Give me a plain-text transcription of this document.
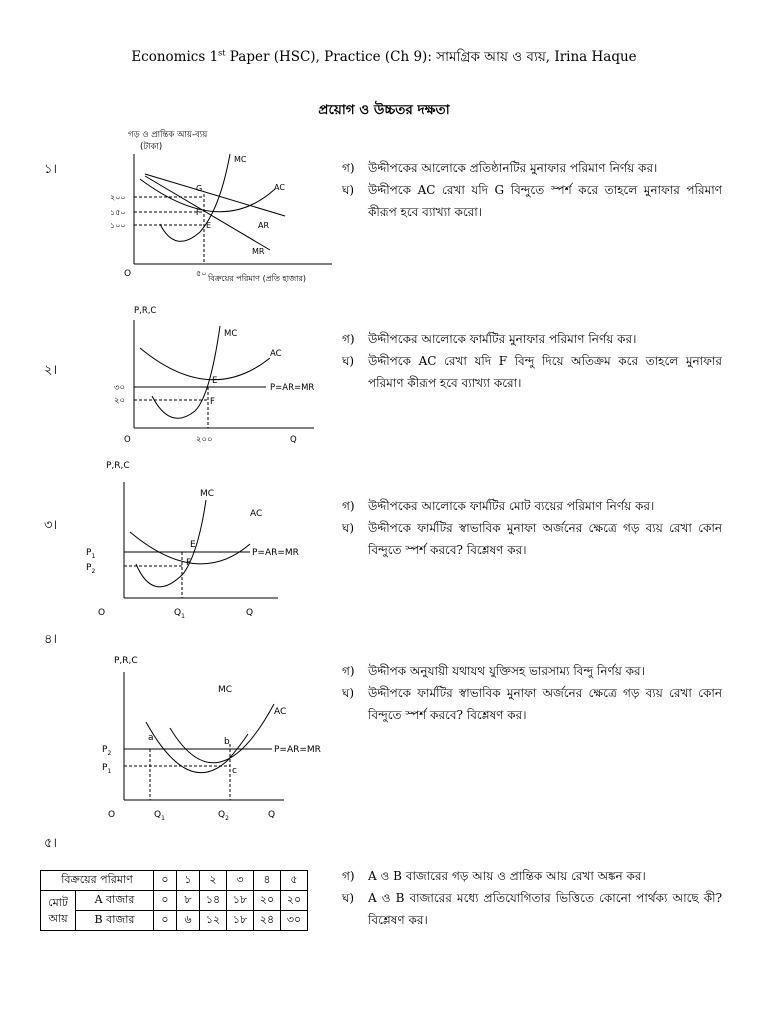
Economics 1st Paper (HSC), Practice (Ch 9): সামগ্রিক আয় ও ব্যয়, Irina Haque
প্রয়োগ ও উচ্চতর দক্ষতা
১।
গড় ও প্রান্তিক আয়-ব্যয়
(টাকা)
২০০
১৫০
১০০
৫০
বিক্রয়ের পরিমাণ (প্রতি হাজার)
O
MC
AC
AR
MR
G
F
E
গ)	উদ্দীপকের আলোকে প্রতিষ্ঠানটির মুনাফার পরিমাণ নির্ণয় কর।
ঘ)	উদ্দীপকে AC রেখা যদি G বিন্দুতে স্পর্শ করে তাহলে মুনাফার পরিমাণ কীরূপ হবে ব্যাখ্যা করো।
২।
P,R,C
৩০
২০
২০০	Q
O
MC
AC
E
F
P=AR=MR
গ)	উদ্দীপকের আলোকে ফার্মটির মুনাফার পরিমাণ নির্ণয় কর।
ঘ)	উদ্দীপকে AC রেখা যদি F বিন্দু দিয়ে অতিক্রম করে তাহলে মুনাফার পরিমাণ কীরূপ হবে ব্যাখ্যা করো।
৩।
P,R,C
$P_1$
$P_2$
$Q_1$	Q
O
MC
AC
E
F
P=AR=MR
গ)	উদ্দীপকের আলোকে ফার্মটির মোট ব্যয়ের পরিমাণ নির্ণয় কর।
ঘ)	উদ্দীপকে ফার্মটির স্বাভাবিক মুনাফা অর্জনের ক্ষেত্রে গড় ব্যয় রেখা কোন বিন্দুতে স্পর্শ করবে? বিশ্লেষণ কর।
৪।
P,R,C
$P_2$
$P_1$
$Q_1$	$Q_2$	Q
O
MC
AC
a	b
c
P=AR=MR
গ)	উদ্দীপক অনুযায়ী যথাযথ যুক্তিসহ ভারসাম্য বিন্দু নির্ণয় কর।
ঘ)	উদ্দীপকে ফার্মটির স্বাভাবিক মুনাফা অর্জনের ক্ষেত্রে গড় ব্যয় রেখা কোন বিন্দুতে স্পর্শ করবে? বিশ্লেষণ কর।
৫।
বিক্রয়ের পরিমাণ		০	১	২	৩	৪	৫
মোট
আয়	A বাজার	০	৮	১৪	১৮	২০	২০
	B বাজার	০	৬	১২	১৮	২৪	৩০
গ)	A ও B বাজারের গড় আয় ও প্রান্তিক আয় রেখা অঙ্কন কর।
ঘ)	A ও B বাজারের মধ্যে প্রতিযোগিতার ভিত্তিতে কোনো পার্থক্য আছে কী? বিশ্লেষণ কর।
